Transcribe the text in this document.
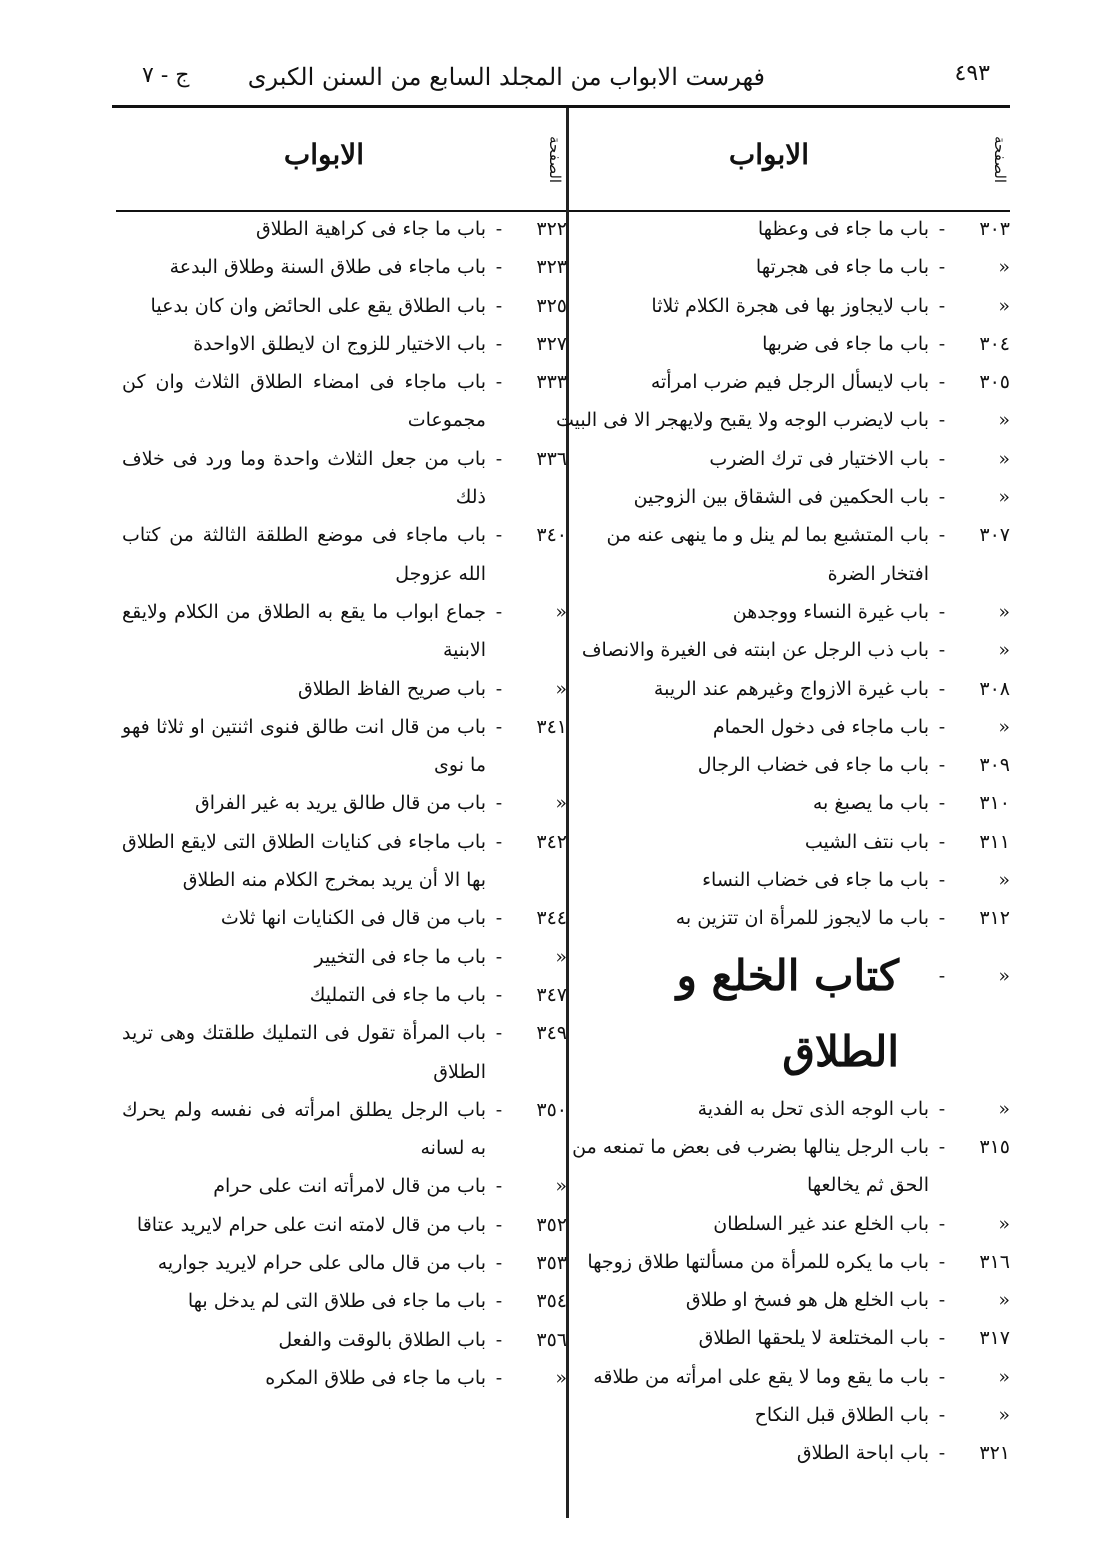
٤٩٣
فهرست الابواب من المجلد السابع من السنن الكبرى
ج - ٧
الصفحة
الابواب
الصفحة
الابواب
٣٠٣
-
باب ما جاء فى وعظها
«
-
باب ما جاء فى هجرتها
«
-
باب لايجاوز بها فى هجرة الكلام ثلاثا
٣٠٤
-
باب ما جاء فى ضربها
٣٠٥
-
باب لايسأل الرجل فيم ضرب امرأته
«
-
باب لايضرب الوجه ولا يقبح ولايهجر الا فى البيت
«
-
باب الاختيار فى ترك الضرب
«
-
باب الحكمين فى الشقاق بين الزوجين
٣٠٧
-
باب المتشبع بما لم ينل و ما ينهى عنه من افتخار الضرة
«
-
باب غيرة النساء ووجدهن
«
-
باب ذب الرجل عن ابنته فى الغيرة والانصاف
٣٠٨
-
باب غيرة الازواج وغيرهم عند الريبة
«
-
باب ماجاء فى دخول الحمام
٣٠٩
-
باب ما جاء فى خضاب الرجال
٣١٠
-
باب ما يصبغ به
٣١١
-
باب نتف الشيب
«
-
باب ما جاء فى خضاب النساء
٣١٢
-
باب ما لايجوز للمرأة ان تتزين به
«
-
كتاب الخلع و الطلاق
«
-
باب الوجه الذى تحل به الفدية
٣١٥
-
باب الرجل ينالها بضرب فى بعض ما تمنعه من الحق ثم يخالعها
«
-
باب الخلع عند غير السلطان
٣١٦
-
باب ما يكره للمرأة من مسألتها طلاق زوجها
«
-
باب الخلع هل هو فسخ او طلاق
٣١٧
-
باب المختلعة لا يلحقها الطلاق
«
-
باب ما يقع وما لا يقع على امرأته من طلاقه
«
-
باب الطلاق قبل النكاح
٣٢١
-
باب اباحة الطلاق
٣٢٢
-
باب ما جاء فى كراهية الطلاق
٣٢٣
-
باب ماجاء فى طلاق السنة وطلاق البدعة
٣٢٥
-
باب الطلاق يقع على الحائض وان كان بدعيا
٣٢٧
-
باب الاختيار للزوج ان لايطلق الاواحدة
٣٣٣
-
باب ماجاء فى امضاء الطلاق الثلاث وان كن مجموعات
٣٣٦
-
باب من جعل الثلاث واحدة وما ورد فى خلاف ذلك
٣٤٠
-
باب ماجاء فى موضع الطلقة الثالثة من كتاب الله عزوجل
«
-
جماع ابواب ما يقع به الطلاق من الكلام ولايقع الابنية
«
-
باب صريح الفاظ الطلاق
٣٤١
-
باب من قال انت طالق فنوى اثنتين او ثلاثا فهو ما نوى
«
-
باب من قال طالق يريد به غير الفراق
٣٤٢
-
باب ماجاء فى كنايات الطلاق التى لايقع الطلاق بها الا أن يريد بمخرج الكلام منه الطلاق
٣٤٤
-
باب من قال فى الكنايات انها ثلاث
«
-
باب ما جاء فى التخيير
٣٤٧
-
باب ما جاء فى التمليك
٣٤٩
-
باب المرأة تقول فى التمليك طلقتك وهى تريد الطلاق
٣٥٠
-
باب الرجل يطلق امرأته فى نفسه ولم يحرك به لسانه
«
-
باب من قال لامرأته انت على حرام
٣٥٢
-
باب من قال لامته انت على حرام لايريد عتاقا
٣٥٣
-
باب من قال مالى على حرام لايريد جواريه
٣٥٤
-
باب ما جاء فى طلاق التى لم يدخل بها
٣٥٦
-
باب الطلاق بالوقت والفعل
«
-
باب ما جاء فى طلاق المكره
